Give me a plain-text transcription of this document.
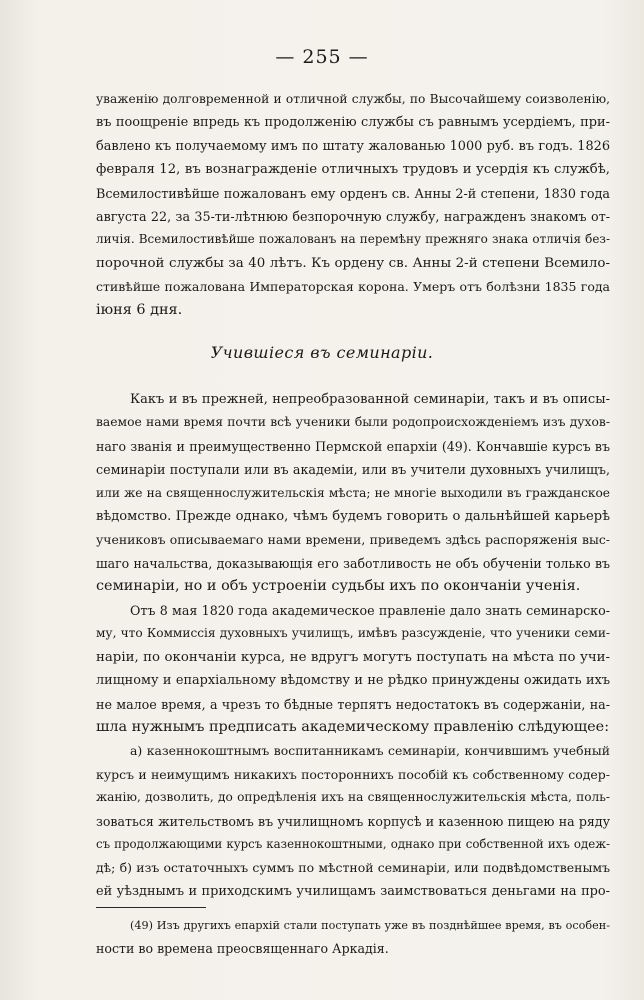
— 255 —
уваженію долговременной и отличной службы, по Высочайшему соизволенію,
въ поощреніе впредь къ продолженію службы съ равнымъ усердіемъ, при-
бавлено къ получаемому имъ по штату жалованью 1000 руб. въ годъ. 1826
февраля 12, въ вознагражденіе отличныхъ трудовъ и усердія къ службѣ,
Всемилостивѣйше пожалованъ ему орденъ св. Анны 2-й степени, 1830 года
августа 22, за 35-ти-лѣтнюю безпорочную службу, награжденъ знакомъ от-
личія. Всемилостивѣйше пожалованъ на перемѣну прежняго знака отличія без-
порочной службы за 40 лѣтъ. Къ ордену св. Анны 2-й степени Всемило-
стивѣйше пожалована Императорская корона. Умеръ отъ болѣзни 1835 года
іюня 6 дня.
Учившіеся въ семинаріи.
Какъ и въ прежней, непреобразованной семинаріи, такъ и въ описы-
ваемое нами время почти всѣ ученики были родопроисхожденіемъ изъ духов-
наго званія и преимущественно Пермской епархіи (49). Кончавшіе курсъ въ
семинаріи поступали или въ академіи, или въ учители духовныхъ училищъ,
или же на священнослужительскія мѣста; не многіе выходили въ гражданское
вѣдомство. Прежде однако, чѣмъ будемъ говорить о дальнѣйшей карьерѣ
учениковъ описываемаго нами времени, приведемъ здѣсь распоряженія выс-
шаго начальства, доказывающія его заботливость не объ обученіи только въ
семинаріи, но и объ устроеніи судьбы ихъ по окончаніи ученія.
Отъ 8 мая 1820 года академическое правленіе дало знать семинарско-
му, что Коммиссія духовныхъ училищъ, имѣвъ разсужденіе, что ученики семи-
наріи, по окончаніи курса, не вдругъ могутъ поступать на мѣста по учи-
лищному и епархіальному вѣдомству и не рѣдко принуждены ожидать ихъ
не малое время, а чрезъ то бѣдные терпятъ недостатокъ въ содержаніи, на-
шла нужнымъ предписать академическому правленію слѣдующее:
а) казеннокоштнымъ воспитанникамъ семинаріи, кончившимъ учебный
курсъ и неимущимъ никакихъ постороннихъ пособій къ собственному содер-
жанію, дозволить, до опредѣленія ихъ на священнослужительскія мѣста, поль-
зоваться жительствомъ въ училищномъ корпусѣ и казенною пищею на ряду
съ продолжающими курсъ казеннокоштными, однако при собственной ихъ одеж-
дѣ; б) изъ остаточныхъ суммъ по мѣстной семинаріи, или подвѣдомственымъ
ей уѣзднымъ и приходскимъ училищамъ заимствоваться деньгами на про-
(49) Изъ другихъ епархій стали поступать уже въ позднѣйшее время, въ особен-
ности во времена преосвященнаго Аркадія.
